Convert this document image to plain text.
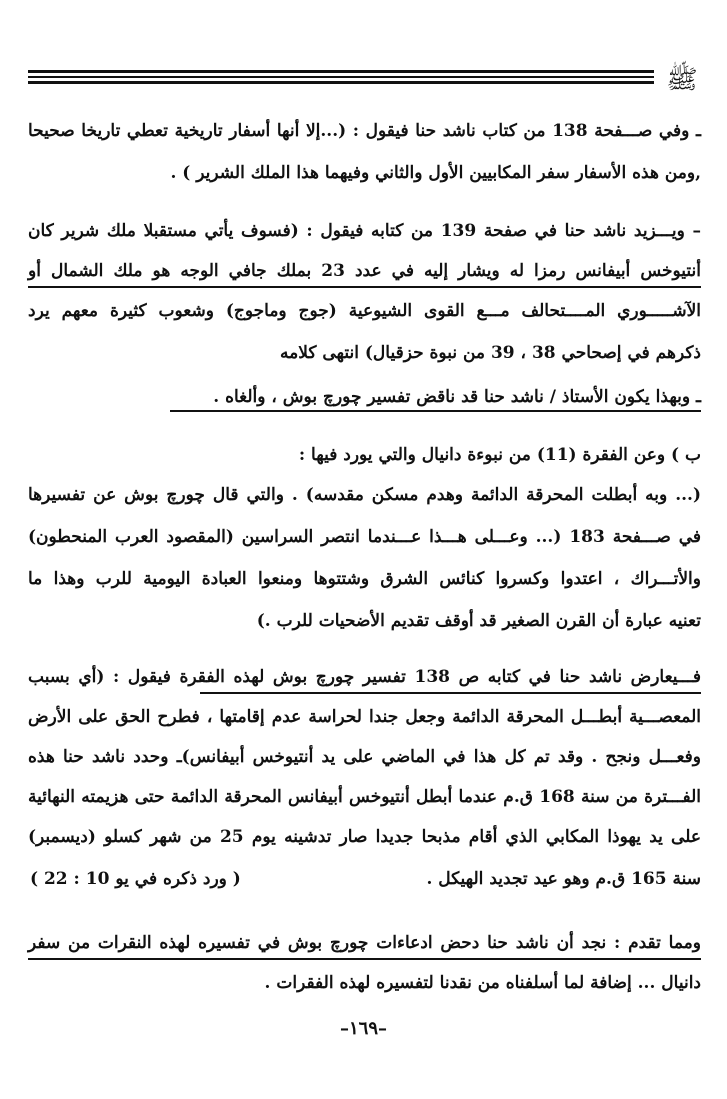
ﷺ
ـ وفي صـــفحة 138 من كتاب ناشد حنا فيقول : (...إلا أنها أسفار تاريخية تعطي تاريخا صحيحا
,ومن هذه الأسفار سفر المكابيين الأول والثاني وفيهما هذا الملك الشرير ) .
– ويـــزيد ناشد حنا في صفحة 139 من كتابه فيقول : (فسوف يأتي مستقبلا ملك شرير كان
أنتيوخس أبيفانس رمزا له ويشار إليه في عدد 23 بملك جافي الوجه هو ملك الشمال أو
الآشـــــوري المــــتحالف مـــع القوى الشيوعية (جوج وماجوج) وشعوب كثيرة معهم يرد
ذكرهم في إصحاحي 38 ، 39 من نبوة حزقيال) انتهى كلامه
ـ وبهذا يكون الأستاذ / ناشد حنا قد ناقض تفسير چورچ بوش ، وألغاه .
ب ) وعن الفقرة (11) من نبوءة دانيال والتي يورد فيها :
(... وبه أبطلت المحرقة الدائمة وهدم مسكن مقدسه) . والتي قال چورچ بوش عن تفسيرها
في صـــفحة 183 (... وعـــلى هـــذا عـــندما انتصر السراسين (المقصود العرب المنحطون)
والأتـــراك ، اعتدوا وكسروا كنائس الشرق وشتتوها ومنعوا العبادة اليومية للرب وهذا ما
تعنيه عبارة أن القرن الصغير قد أوقف تقديم الأضحيات للرب .)
فـــيعارض ناشد حنا في كتابه ص 138 تفسير چورچ بوش لهذه الفقرة فيقول : (أي بسبب
المعصـــية أبطـــل المحرقة الدائمة وجعل جندا لحراسة عدم إقامتها ، فطرح الحق على الأرض
وفعـــل ونجح . وقد تم كل هذا في الماضي على يد أنتيوخس أبيفانس)ـ وحدد ناشد حنا هذه
الفـــترة من سنة 168 ق.م عندما أبطل أنتيوخس أبيفانس المحرقة الدائمة حتى هزيمته النهائية
على يد يهوذا المكابي الذي أقام مذبحا جديدا صار تدشينه يوم 25 من شهر كسلو (ديسمبر)
سنة 165 ق.م وهو عيد تجديد الهيكل .
( ورد ذكره في يو 10 : 22 )
ومما تقدم : نجد أن ناشد حنا دحض ادعاءات چورچ بوش في تفسيره لهذه النقرات من سفر
دانيال ... إضافة لما أسلفناه من نقدنا لتفسيره لهذه الفقرات .
–١٦٩–
